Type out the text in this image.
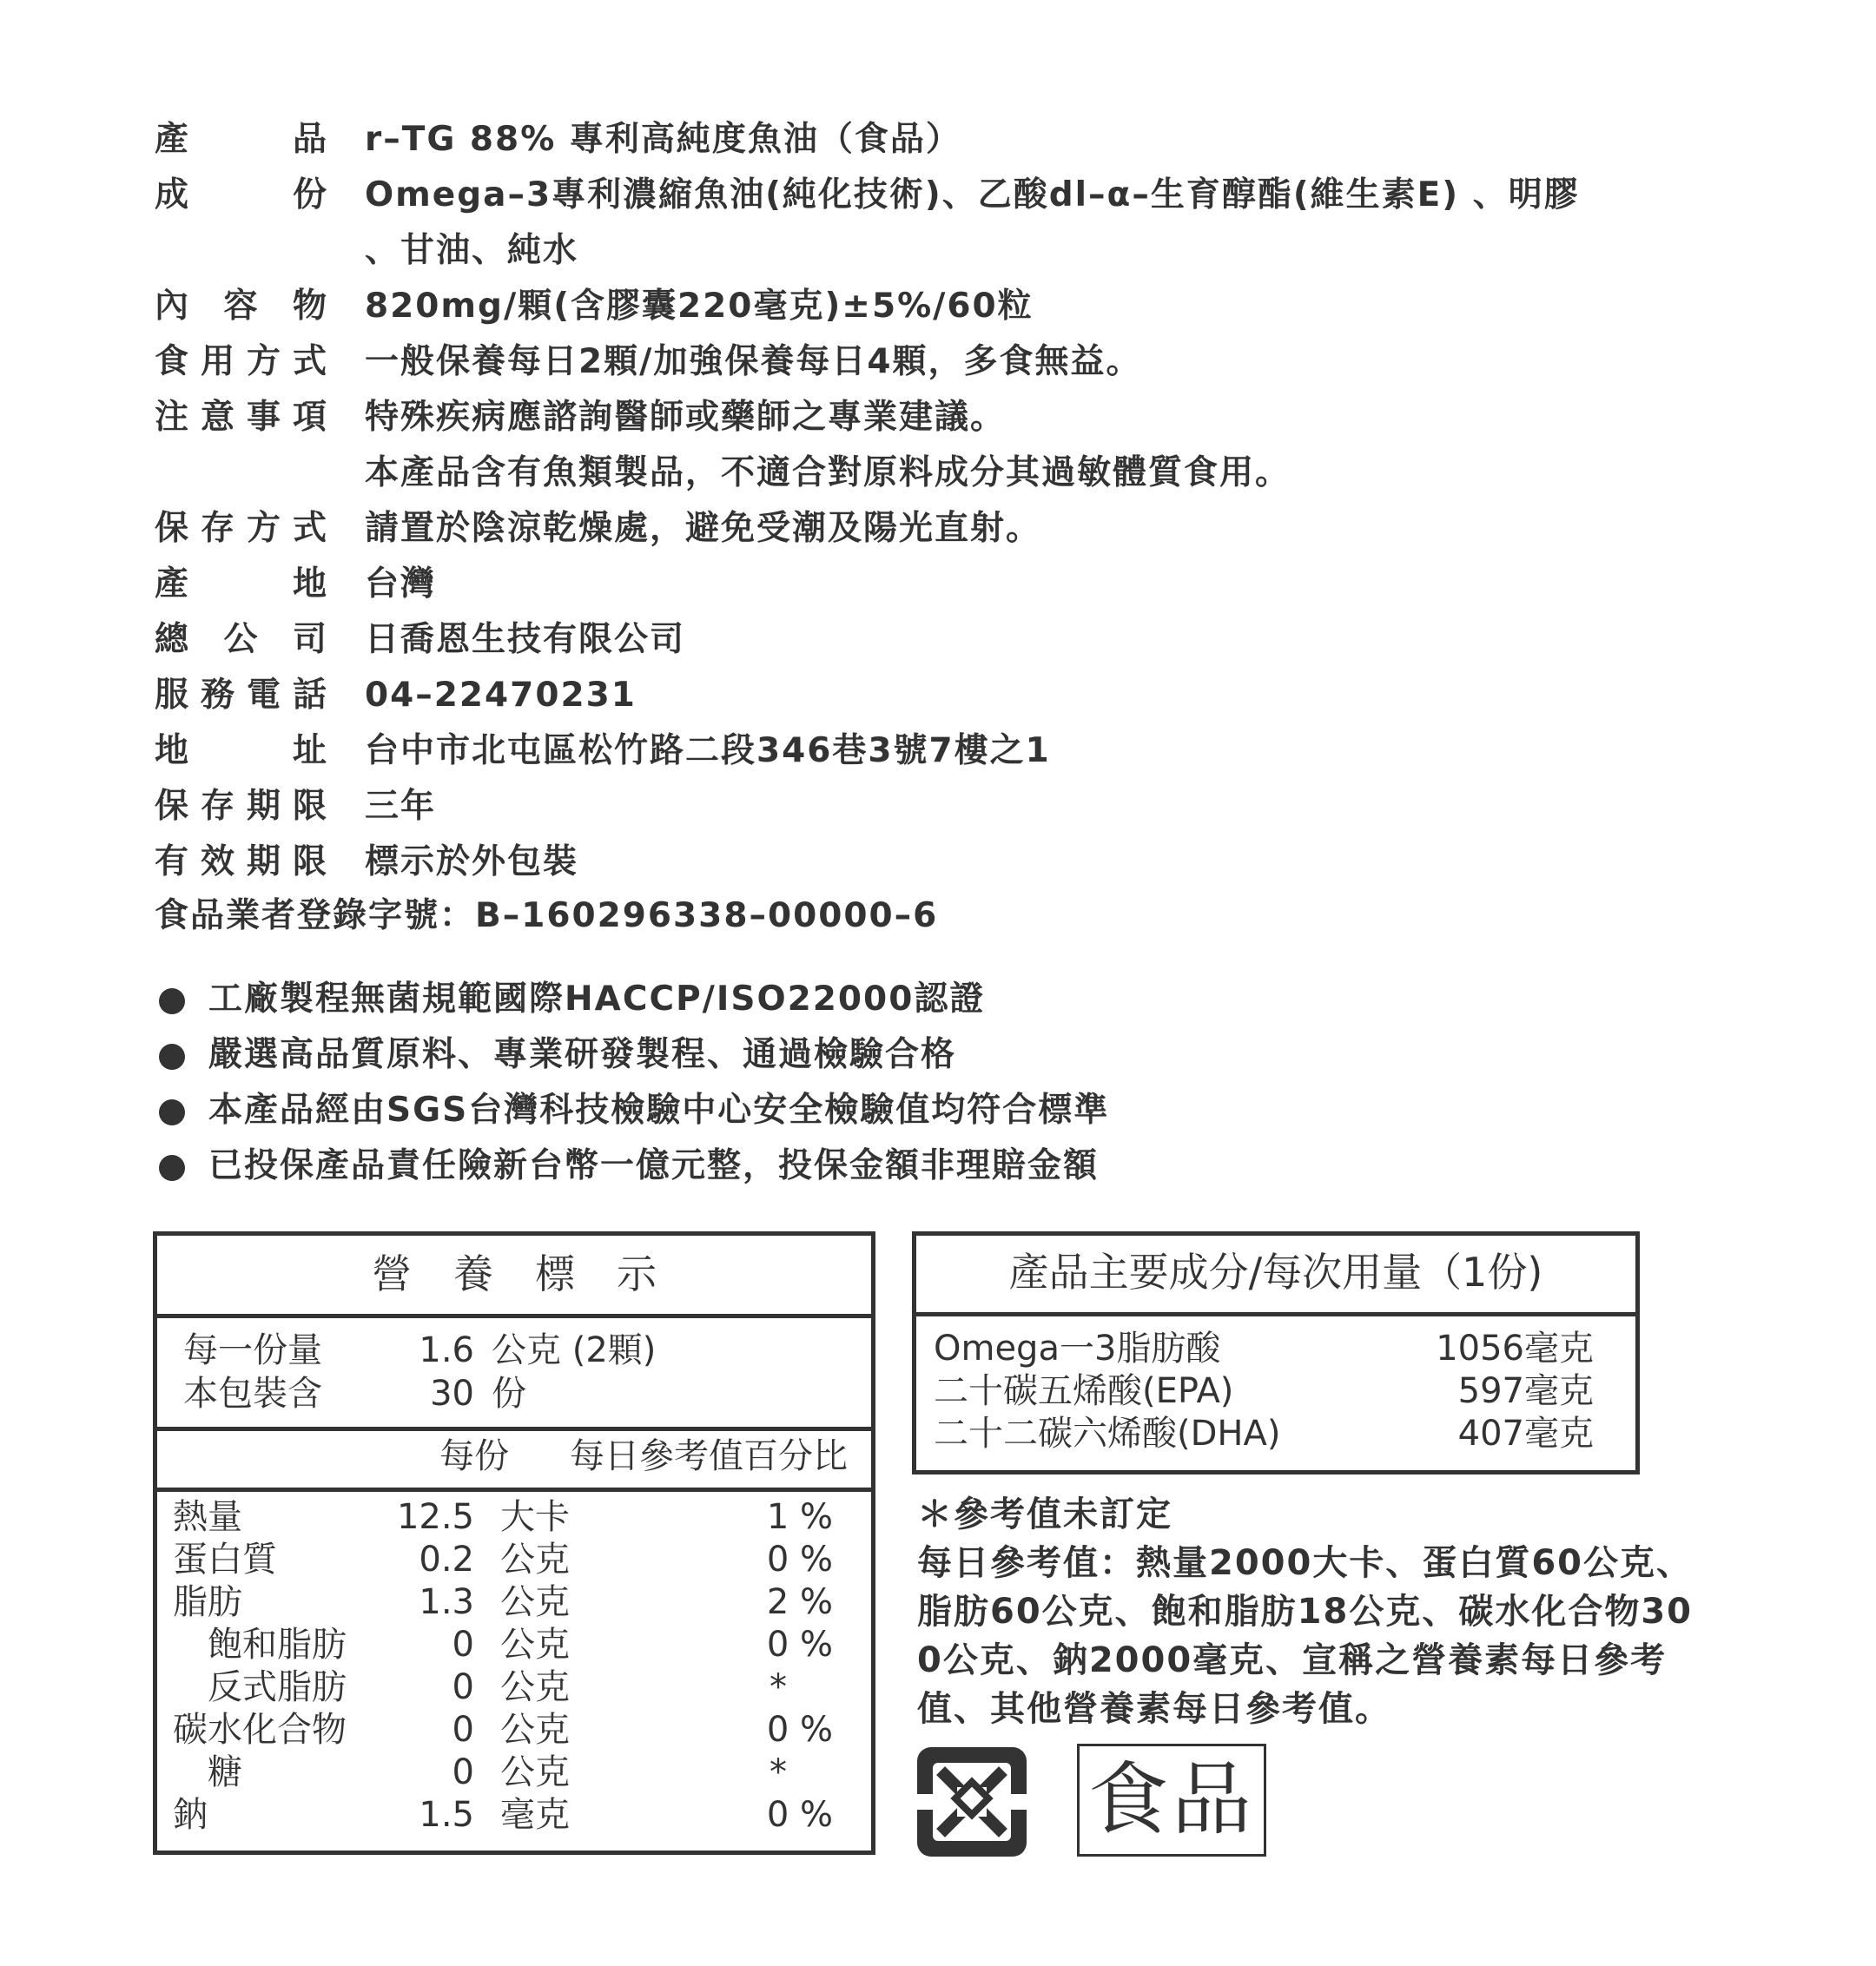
產	品 r–TG 88% 專利高純度魚油（食品）
成	份 Omega–3專利濃縮魚油(純化技術)、乙酸dl–α–生育醇酯(維生素E) 、明膠
、甘油、純水
內 容 物 820mg/顆(含膠囊220毫克)±5%/60粒
食 用 方 式 一般保養每日2顆/加強保養每日4顆，多食無益。
注 意 事 項 特殊疾病應諮詢醫師或藥師之專業建議。
本產品含有魚類製品，不適合對原料成分其過敏體質食用。
保 存 方 式 請置於陰涼乾燥處，避免受潮及陽光直射。
產	地 台灣
總 公 司 日喬恩生技有限公司
服 務 電 話 04–22470231
地	址 台中市北屯區松竹路二段346巷3號7樓之1
保 存 期 限 三年
有 效 期 限 標示於外包裝
食品業者登錄字號：B–160296338–00000–6
工廠製程無菌規範國際HACCP/ISO22000認證
嚴選高品質原料、專業研發製程、通過檢驗合格
本產品經由SGS台灣科技檢驗中心安全檢驗值均符合標準
已投保產品責任險新台幣一億元整，投保金額非理賠金額
營 養 標 示
每一份量	1.6 公克 (2顆)
本包裝含	30 份
每份 每日參考值百分比
熱量	12.5 大卡	1 %
蛋白質	0.2 公克	0 %
脂肪	1.3 公克	2 %
飽和脂肪	0 公克	0 %
反式脂肪	0 公克	*
碳水化合物	0 公克	0 %
糖	0 公克	*
鈉	1.5 毫克	0 %
產品主要成分/每次用量（1份)
Omega一3脂肪酸	1056毫克
二十碳五烯酸(EPA)	597毫克
二十二碳六烯酸(DHA)	407毫克
＊參考值未訂定
每日參考值：熱量2000大卡、蛋白質60公克、
脂肪60公克、飽和脂肪18公克、碳水化合物30
0公克、鈉2000毫克、宣稱之營養素每日參考
值、其他營養素每日參考值。
食品
